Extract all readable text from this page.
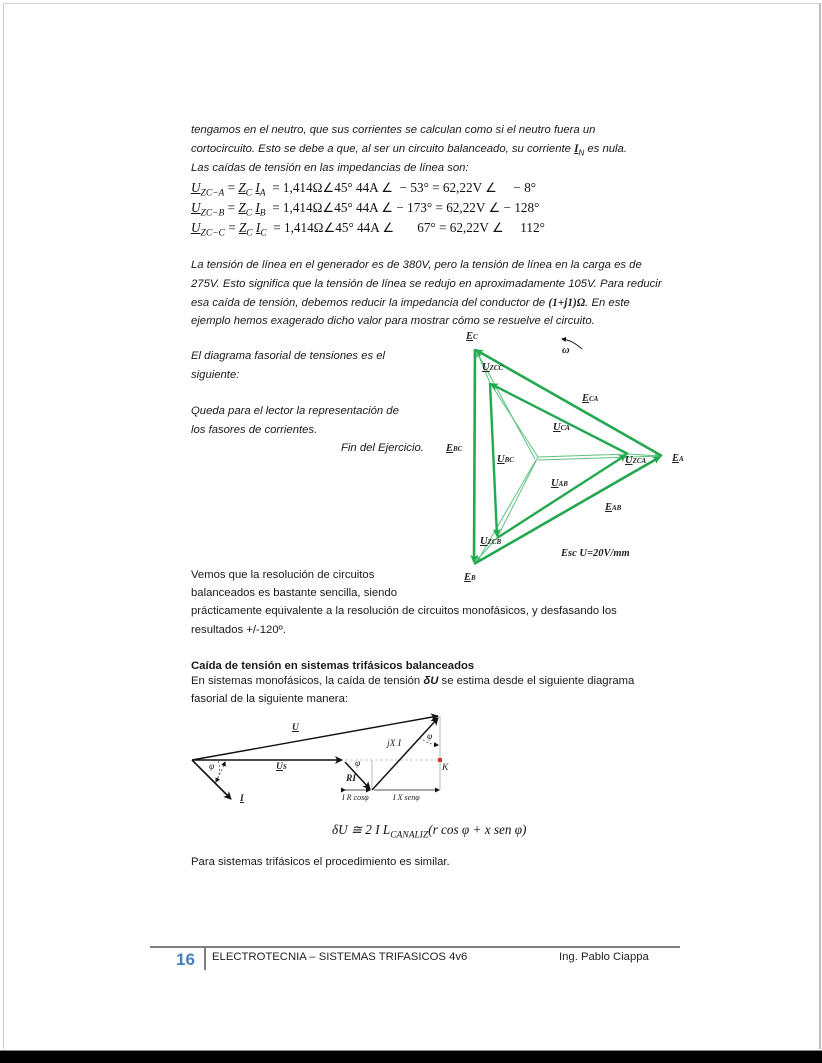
tengamos en el neutro, que sus corrientes se calculan como si el neutro fuera un
cortocircuito. Esto se debe a que, al ser un circuito balanceado, su corriente $I_N$ es nula.
Las caídas de tensión en las impedancias de línea son:
$U_{ZC-A} = Z_C$ $I_A$ = 1,414Ω∠45° 44A ∠  − 53° = 62,22V ∠     − 8°
$U_{ZC-B} = Z_C$ $I_B$ = 1,414Ω∠45° 44A ∠ − 173° = 62,22V ∠ − 128°
$U_{ZC-C} = Z_C$ $I_C$ = 1,414Ω∠45° 44A ∠       67° = 62,22V ∠     112°
La tensión de línea en el generador es de 380V, pero la tensión de línea en la carga es de
275V. Esto significa que la tensión de línea se redujo en aproximadamente 105V. Para reducir
esa caída de tensión, debemos reducir la impedancia del conductor de (1+j1)Ω. En este
ejemplo hemos exagerado dicho valor para mostrar cómo se resuelve el circuito.
El diagrama fasorial de tensiones es el
siguiente:
Queda para el lector la representación de
los fasores de corrientes.
Fin del Ejercicio.
EC
ω
UZCC
ECA
UCA
EBC
UBC	UZCA EA
UAB
EAB
UZCB
Esc U=20V/mm
EB
Vemos que la resolución de circuitos
balanceados es bastante sencilla, siendo
prácticamente equivalente a la resolución de circuitos monofásicos, y desfasando los
resultados +/-120º.
Caída de tensión en sistemas trifásicos balanceados
En sistemas monofásicos, la caída de tensión δU se estima desde el siguiente diagrama
fasorial de la siguiente manera:
U
US
φ
I
φ
RI
jX I
φ
K
I R cosφ	I X senφ
δU ≅ 2 I $L_{CANALIZ}(r$ cos φ + x sen φ)
Para sistemas trifásicos el procedimiento es similar.
16 ELECTROTECNIA – SISTEMAS TRIFASICOS 4v6	Ing. Pablo Ciappa
